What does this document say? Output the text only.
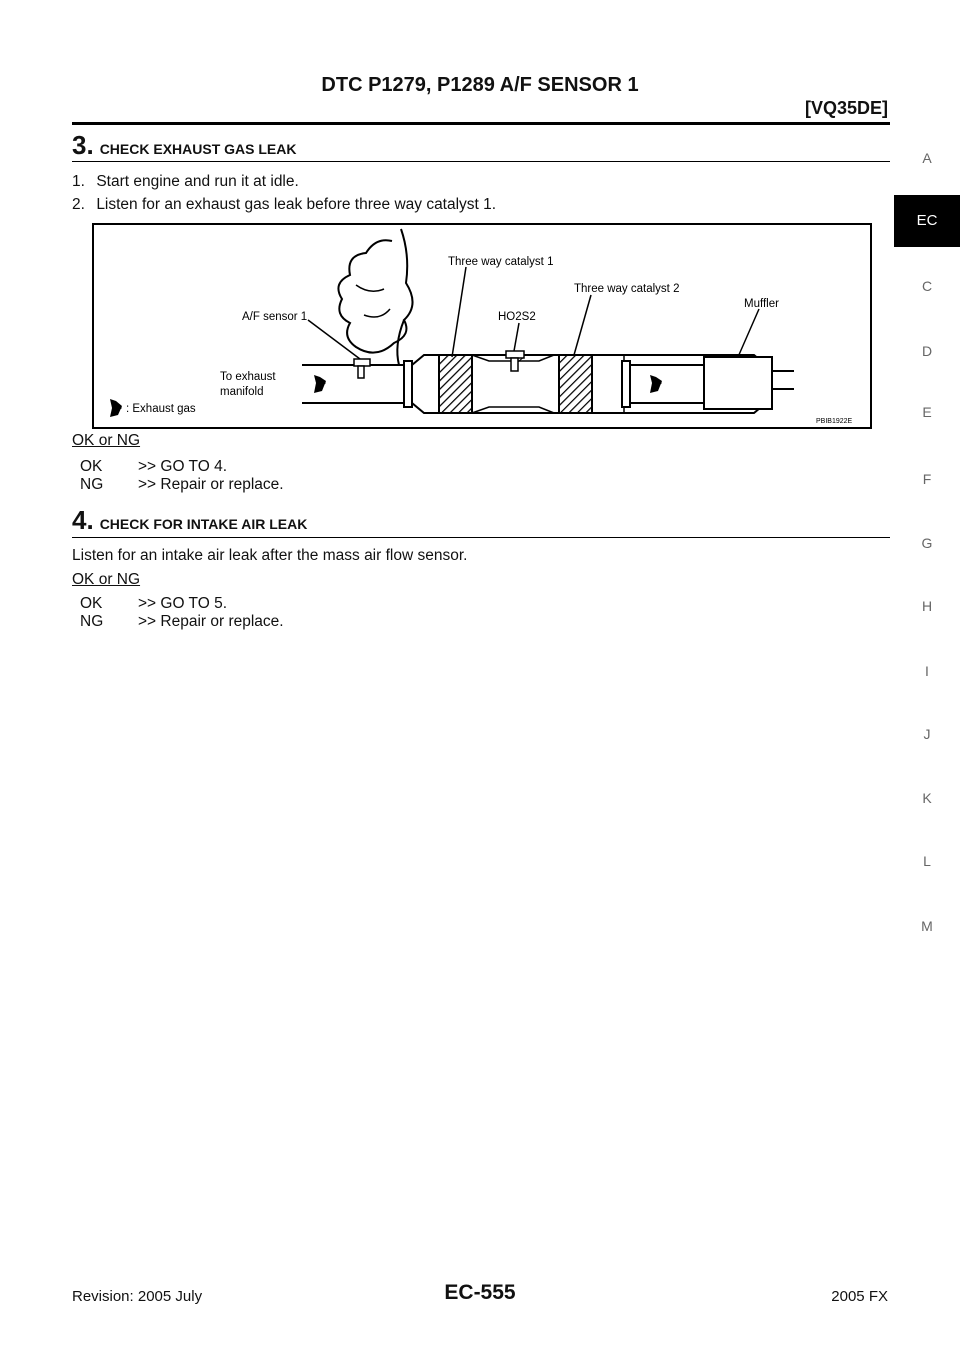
DTC P1279, P1289 A/F SENSOR 1
[VQ35DE]
A
EC
C
D
E
F
G
H
I
J
K
L
M
3. CHECK EXHAUST GAS LEAK
1. Start engine and run it at idle.
2. Listen for an exhaust gas leak before three way catalyst 1.
Three way catalyst 1
Three way catalyst 2
Muffler
A/F sensor 1	HO2S2
To exhaust
manifold
: Exhaust gas
PBIB1922E
OK or NG
OK >> GO TO 4.
NG >> Repair or replace.
4. CHECK FOR INTAKE AIR LEAK
Listen for an intake air leak after the mass air flow sensor.
OK or NG
OK >> GO TO 5.
NG >> Repair or replace.
Revision: 2005 July	EC-555	2005 FX
